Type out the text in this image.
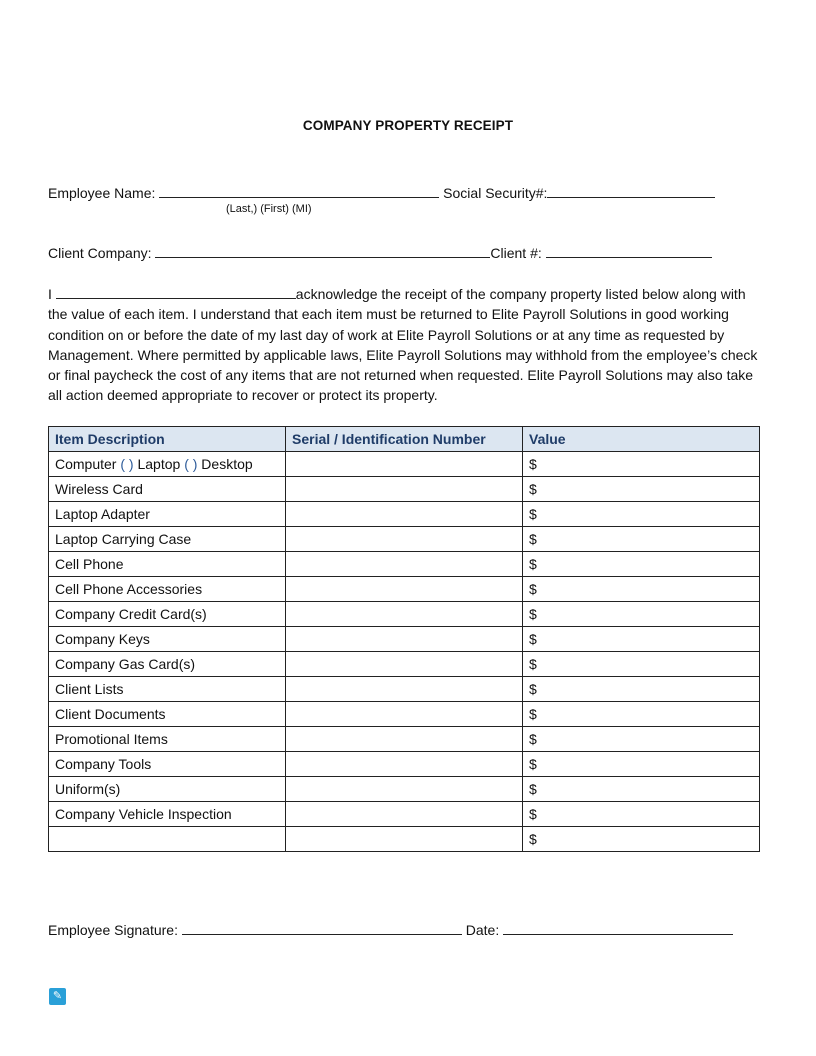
COMPANY PROPERTY RECEIPT
Employee Name:	Social Security#:
(Last,) (First) (MI)
Client Company:	Client #:
I	acknowledge the receipt of the company property listed below along with the value of each item. I understand that each item must be returned to Elite Payroll Solutions in good working condition on or before the date of my last day of work at Elite Payroll Solutions or at any time as requested by Management. Where permitted by applicable laws, Elite Payroll Solutions may withhold from the employee’s check or final paycheck the cost of any items that are not returned when requested. Elite Payroll Solutions may also take all action deemed appropriate to recover or protect its property.
Item Description	Serial / Identification Number	Value
Computer ( ) Laptop ( ) Desktop		$
Wireless Card		$
Laptop Adapter		$
Laptop Carrying Case		$
Cell Phone		$
Cell Phone Accessories		$
Company Credit Card(s)		$
Company Keys		$
Company Gas Card(s)		$
Client Lists		$
Client Documents		$
Promotional Items		$
Company Tools		$
Uniform(s)		$
Company Vehicle Inspection		$
		$
Employee Signature:	Date:
✎
